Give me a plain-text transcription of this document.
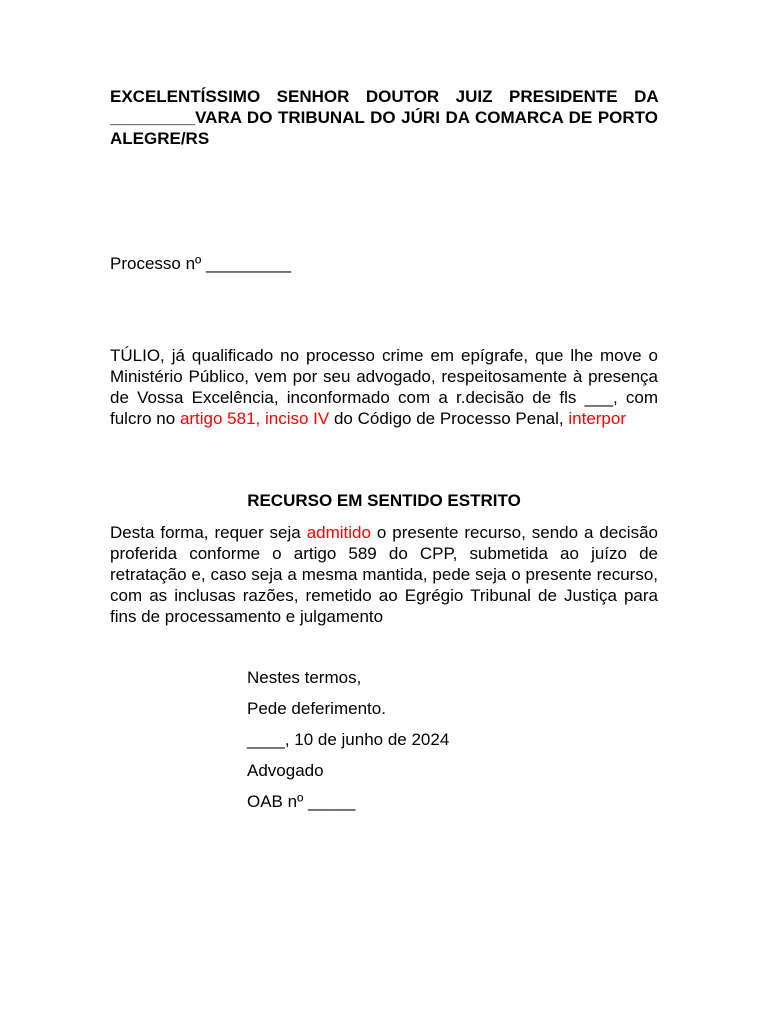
EXCELENTÍSSIMO SENHOR DOUTOR JUIZ PRESIDENTE DA _________VARA DO TRIBUNAL DO JÚRI DA COMARCA DE PORTO ALEGRE/RS
Processo nº _________
TÚLIO, já qualificado no processo crime em epígrafe, que lhe move o Ministério Público, vem por seu advogado, respeitosamente à presença de Vossa Excelência, inconformado com a r.decisão de fls ___, com fulcro no artigo 581, inciso IV do Código de Processo Penal, interpor
RECURSO EM SENTIDO ESTRITO
Desta forma, requer seja admitido o presente recurso, sendo a decisão proferida conforme o artigo 589 do CPP, submetida ao juízo de retratação e, caso seja a mesma mantida, pede seja o presente recurso, com as inclusas razões, remetido ao Egrégio Tribunal de Justiça para fins de processamento e julgamento
Nestes termos,
Pede deferimento.
____, 10 de junho de 2024
Advogado
OAB nº _____
